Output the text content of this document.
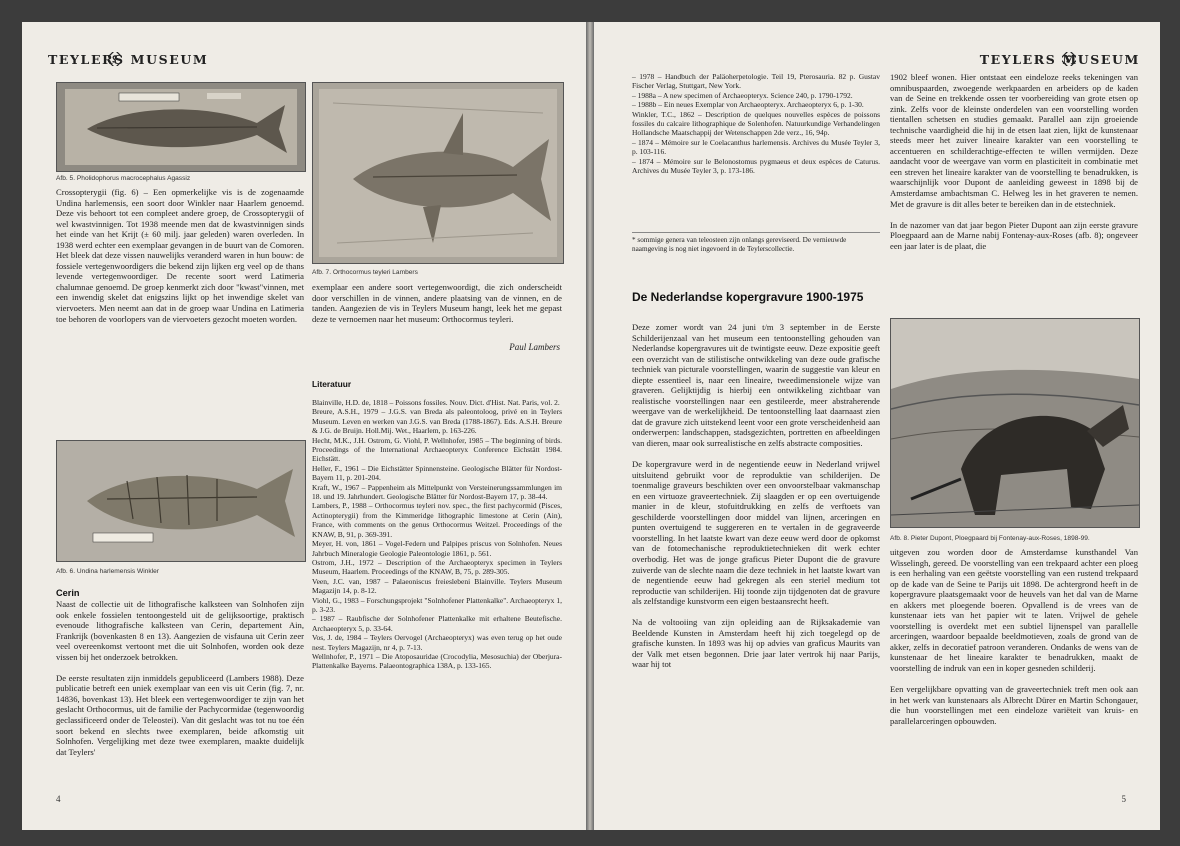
TEYLERS MUSEUM
Afb. 5. Pholidophorus macrocephalus Agassiz

Crossopterygii (fig. 6) – Een opmerkelijke vis is de zogenaamde Undina harlemensis, een soort door Winkler naar Haarlem genoemd. Deze vis behoort tot een compleet andere groep, de Crossopterygii of wel kwastvinnigen. Tot 1938 meende men dat de kwastvinnigen sinds het einde van het Krijt (± 60 milj. jaar geleden) waren overleden. In 1938 werd echter een exemplaar gevangen in de buurt van de Comoren. Het bleek dat deze vissen nauwelijks veranderd waren in hun bouw: de fossiele vertegenwoordigers die bekend zijn lijken erg veel op de thans levende vertegenwoordiger. De recente soort werd Latimeria chalumnae genoemd. De groep kenmerkt zich door "kwast"vinnen, met een inwendig skelet dat enigszins lijkt op het inwendige skelet van viervoeters. Men neemt aan dat in de groep waar Undina en Latimeria toe behoren de voorlopers van de viervoeters gezocht moeten worden.

Afb. 6. Undina harlemensis Winkler
Cerin

Naast de collectie uit de lithografische kalksteen van Solnhofen zijn ook enkele fossielen tentoongesteld uit de gelijksoortige, praktisch evenoude lithografische kalksteen van Cerin, departement Ain, Frankrijk (bovenkasten 8 en 13). Aangezien de visfauna uit Cerin zeer veel overeenkomst vertoont met die uit Solnhofen, worden ook deze vissen bij het onderzoek betrokken.

De eerste resultaten zijn inmiddels gepubliceerd (Lambers 1988). Deze publicatie betreft een uniek exemplaar van een vis uit Cerin (fig. 7, nr. 14836, bovenkast 13). Het bleek een vertegenwoordiger te zijn van het geslacht Orthocormus, uit de familie der Pachycormidae (tegenwoordig geclassificeerd onder de Teleostei). Van dit geslacht was tot nu toe één soort bekend en slechts twee exemplaren, beide afkomstig uit Solnhofen. Vergelijking met deze twee exemplaren, maakte duidelijk dat Teylers'

Afb. 7. Orthocormus teyleri Lambers

exemplaar een andere soort vertegenwoordigt, die zich onderscheidt door verschillen in de vinnen, andere plaatsing van de vinnen, en de tanden. Aangezien de vis in Teylers Museum hangt, leek het me gepast deze te vernoemen naar het museum: Orthocormus teyleri.

Paul Lambers
Literatuur
Blainville, H.D. de, 1818 – Poissons fossiles. Nouv. Dict. d'Hist. Nat. Paris, vol. 2.
Breure, A.S.H., 1979 – J.G.S. van Breda als paleontoloog, privé en in Teylers Museum. Leven en werken van J.G.S. van Breda (1788-1867). Eds. A.S.H. Breure & J.G. de Bruijn. Holl.Mij. Wet., Haarlem, p. 163-226.
Hecht, M.K., J.H. Ostrom, G. Viohl, P. Wellnhofer, 1985 – The beginning of birds. Proceedings of the International Archaeopteryx Conference Eichstätt 1984. Eichstätt.
Heller, F., 1961 – Die Eichstätter Spinnensteine. Geologische Blätter für Nordost-Bayern 11, p. 201-204.
Kraft, W., 1967 – Pappenheim als Mittelpunkt von Versteinerungssammlungen im 18. und 19. Jahrhundert. Geologische Blätter für Nordost-Bayern 17, p. 38-44.
Lambers, P., 1988 – Orthocormus teyleri nov. spec., the first pachycormid (Pisces, Actinopterygii) from the Kimmeridge lithographic limestone at Cerin (Ain), France, with comments on the genus Orthocormus Weitzel. Proceedings of the KNAW, B, 91, p. 369-391.
Meyer, H. von, 1861 – Vogel-Federn und Palpipes priscus von Solnhofen. Neues Jahrbuch Mineralogie Geologie Paleontologie 1861, p. 561.
Ostrom, J.H., 1972 – Description of the Archaeopteryx specimen in Teylers Museum, Haarlem. Proceedings of the KNAW, B, 75, p. 289-305.
Veen, J.C. van, 1987 – Palaeoniscus freieslebeni Blainville. Teylers Museum Magazijn 14, p. 8-12.
Viohl, G., 1983 – Forschungsprojekt "Solnhofener Plattenkalke". Archaeopteryx 1, p. 3-23.
– 1987 – Raubfische der Solnhofener Plattenkalke mit erhaltene Beutefische. Archaeopteryx 5, p. 33-64.
Vos, J. de, 1984 – Teylers Oervogel (Archaeopteryx) was even terug op het oude nest. Teylers Magazijn, nr 4, p. 7-13.
Wellnhofer, P., 1971 – Die Atoposauridae (Crocodylia, Mesosuchia) der Oberjura-Plattenkalke Bayerns. Palaeontographica 138A, p. 133-165.
4
TEYLERS MUSEUM
– 1978 – Handbuch der Paläoherpetologie. Teil 19, Pterosauria. 82 p. Gustav Fischer Verlag, Stuttgart, New York.
– 1988a – A new specimen of Archaeopteryx. Science 240, p. 1790-1792.
– 1988b – Ein neues Exemplar von Archaeopteryx. Archaeopteryx 6, p. 1-30.
Winkler, T.C., 1862 – Description de quelques nouvelles espèces de poissons fossiles du calcaire lithographique de Solenhofen. Natuurkundige Verhandelingen Hollandsche Maatschappij der Wetenschappen 2de verz., 16, 94p.
– 1874 – Mémoire sur le Coelacanthus harlemensis. Archives du Musée Teyler 3, p. 103-116.
– 1874 – Mémoire sur le Belonostomus pygmaeus et deux espèces de Caturus. Archives du Musée Teyler 3, p. 173-186.
* sommige genera van teleosteen zijn onlangs gereviseerd. De vernieuwde naamgeving is nog niet ingevoerd in de Teylerscollectie.
De Nederlandse kopergravure 1900-1975

Deze zomer wordt van 24 juni t/m 3 september in de Eerste Schilderijenzaal van het museum een tentoonstelling gehouden van Nederlandse kopergravures uit de twintigste eeuw. Deze expositie geeft een overzicht van de stilistische ontwikkeling van deze oude grafische techniek van picturale voorstellingen, waarin de suggestie van kleur en diepte essentieel is, naar een lineaire, tweedimensionele wijze van graveren. Gelijktijdig is hierbij een ontwikkeling zichtbaar van realistische voorstellingen naar een gestileerde, meer abstraherende weergave van de werkelijkheid. De tentoonstelling laat daarnaast zien dat de gravure zich uitstekend leent voor een grote verscheidenheid aan onderwerpen: landschappen, stadsgezichten, portretten en afbeeldingen van dieren, maar ook surrealistische en zelfs abstracte composities.

De kopergravure werd in de negentiende eeuw in Nederland vrijwel uitsluitend gebruikt voor de reproduktie van schilderijen. De toenmalige graveurs beschikten over een onvoorstelbaar vakmanschap en een virtuoze graveertechniek. Zij slaagden er op een overtuigende manier in de kleur, stofuitdrukking en zelfs de verftoets van geschilderde voorstellingen door middel van lijnen, arceringen en punten overtuigend te suggereren en te vertalen in de gegraveerde voorstelling. In het laatste kwart van deze eeuw werd door de opkomst van de fotomechanische reproduktietechnieken dit werk echter overbodig. Het was de jonge graficus Pieter Dupont die de gravure zuiverde van de slechte naam die deze techniek in het laatste kwart van de negentiende eeuw had gekregen als een steriel medium tot reproductie van schilderijen. Hij toonde zijn tijdgenoten dat de gravure als zelfstandige kunstvorm een eigen bestaansrecht heeft.

Na de voltooiing van zijn opleiding aan de Rijksakademie van Beeldende Kunsten in Amsterdam heeft hij zich toegelegd op de grafische kunsten. In 1893 was hij op advies van graficus Maurits van der Valk met etsen begonnen. Drie jaar later vertrok hij naar Parijs, waar hij tot

1902 bleef wonen. Hier ontstaat een eindeloze reeks tekeningen van omnibuspaarden, zwoegende werkpaarden en arbeiders op de kaden van de Seine en trekkende ossen ter voorbereiding van grote etsen op zink. Zelfs voor de kleinste onderdelen van een voorstelling worden tientallen schetsen en studies gemaakt. Parallel aan zijn groeiende technische vaardigheid die hij in de etsen laat zien, lijkt de kunstenaar steeds meer het zuiver lineaire karakter van een voorstelling te accentueren en schilderachtige-effecten te willen vermijden. Deze aandacht voor de weergave van vorm en plasticiteit in combinatie met een streven het lineaire karakter van de voorstelling te benadrukken, is waarschijnlijk voor Dupont de aanleiding geweest in 1898 bij de Amsterdamse ambachtsman C. Helweg les in het graveren te nemen. Met de gravure is dit alles beter te bereiken dan in de etstechniek.

In de nazomer van dat jaar begon Pieter Dupont aan zijn eerste gravure Ploegpaard aan de Marne nabij Fontenay-aux-Roses (afb. 8); ongeveer een jaar later is de plaat, die

Afb. 8. Pieter Dupont, Ploegpaard bij Fontenay-aux-Roses, 1898-99.

uitgeven zou worden door de Amsterdamse kunsthandel Van Wisselingh, gereed. De voorstelling van een trekpaard achter een ploeg is een herhaling van een geëtste voorstelling van een rustend trekpaard op de kade van de Seine te Parijs uit 1898. De achtergrond heeft in de kopergravure plaatsgemaakt voor de heuvels van het dal van de Marne en akkers met ploegende boeren. Opvallend is de vrees van de kunstenaar iets van het papier wit te laten. Vrijwel de gehele voorstelling is overdekt met een subtiel lijnenspel van parallelle arceringen, waardoor bepaalde beeldmotieven, zoals de grond van de akker, zelfs in decoratief patroon veranderen. Ondanks de wens van de kunstenaar de het lineaire karakter te benadrukken, maakt de voorstelling de indruk van een in koper gesneden schilderij.

Een vergelijkbare opvatting van de graveertechniek treft men ook aan in het werk van kunstenaars als Albrecht Dürer en Martin Schongauer, die hun voorstellingen met een eindeloze variëteit van kruis- en parallelarceringen opbouwden.

5
